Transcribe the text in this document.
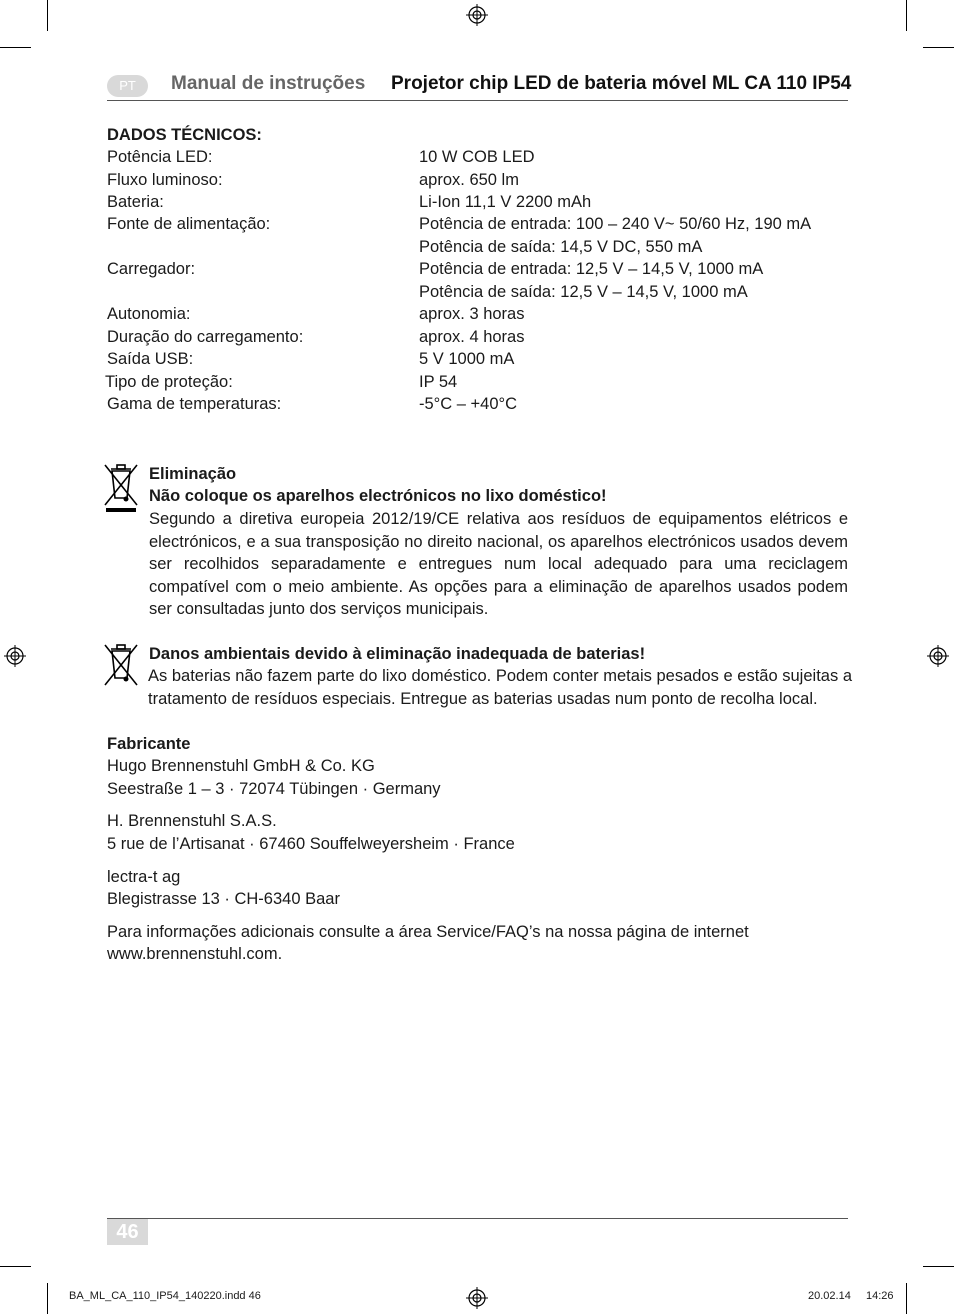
PT	Manual de instruções Projetor chip LED de bateria móvel ML CA 110 IP54
DADOS TÉCNICOS:
Potência LED:	10 W COB LED
Fluxo luminoso:	aprox. 650 lm
Bateria:	Li-Ion 11,1 V 2200 mAh
Fonte de alimentação:	Potência de entrada: 100 – 240 V~ 50/60 Hz, 190 mA
Potência de saída: 14,5 V DC, 550 mA
Carregador:	Potência de entrada: 12,5 V – 14,5 V, 1000 mA
Potência de saída: 12,5 V – 14,5 V, 1000 mA
Autonomia:	aprox. 3 horas
Duração do carregamento:	aprox. 4 horas
Saída USB:	5 V 1000 mA
Tipo de proteção:	IP 54
Gama de temperaturas:	-5°C – +40°C
Eliminação
Não coloque os aparelhos electrónicos no lixo doméstico!
Segundo a diretiva europeia 2012/19/CE relativa aos resíduos de equipamentos elétricos e electrónicos, e a sua transposição no direito nacional, os aparelhos electrónicos usados devem ser recolhidos separadamente e entregues num local adequado para uma reciclagem compatível com o meio ambiente. As opções para a eliminação de aparelhos usados podem ser consultadas junto dos serviços municipais.
Danos ambientais devido à eliminação inadequada de baterias!
As baterias não fazem parte do lixo doméstico. Podem conter metais pesados e estão sujeitas a tratamento de resíduos especiais. Entregue as baterias usadas num ponto de recolha local.
Fabricante
Hugo Brennenstuhl GmbH & Co. KG
Seestraße 1 – 3 · 72074 Tübingen · Germany
H. Brennenstuhl S.A.S.
5 rue de l’Artisanat · 67460 Souffelweyersheim · France
lectra-t ag
Blegistrasse 13 · CH-6340 Baar
Para informações adicionais consulte a área Service/FAQ’s na nossa página de internet
www.brennenstuhl.com.
46
BA_ML_CA_110_IP54_140220.indd 46	20.02.14 14:26
